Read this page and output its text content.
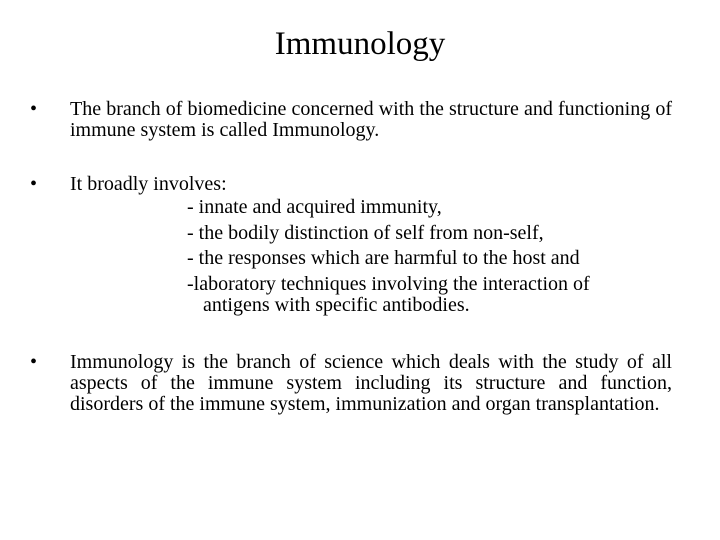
Immunology
• The branch of biomedicine concerned with the structure and functioning of immune system is called Immunology.
• It broadly involves:
- innate and acquired immunity,
- the bodily distinction of self from non-self,
- the responses which are harmful to the host and
-laboratory techniques involving the interaction of
antigens with specific antibodies.
• Immunology is the branch of science which deals with the study of all aspects of the immune system including its structure and function, disorders of the immune system, immunization and organ transplantation.
